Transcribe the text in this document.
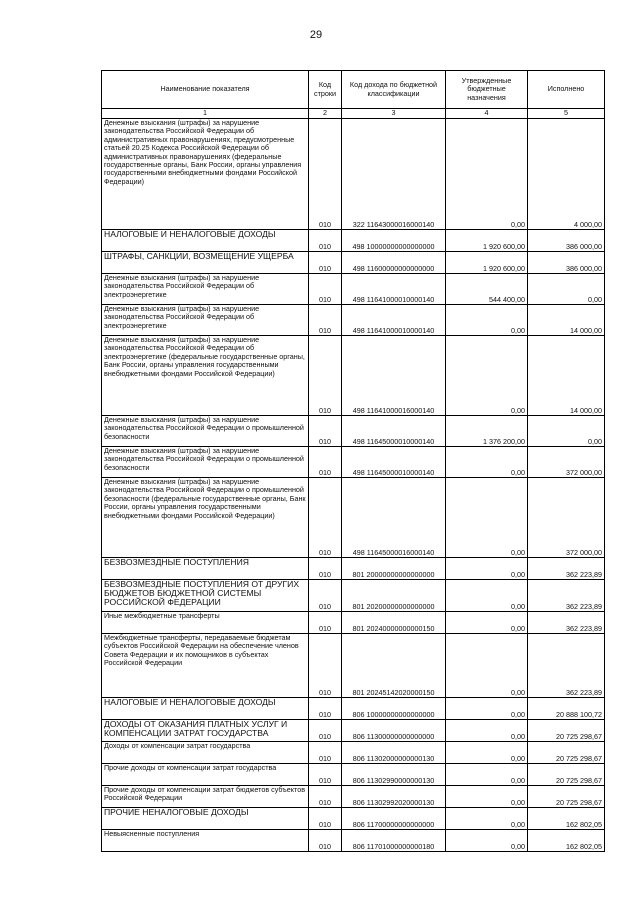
29
Наименование показателя	Код строки	Код дохода по бюджетной классификации	Утвержденные бюджетные назначения	Исполнено
1	2	3	4	5
Денежные взыскания (штрафы) за нарушение законодательства Российской Федерации об административных правонарушениях, предусмотренные статьей 20.25 Кодекса Российской Федерации об административных правонарушениях (федеральные государственные органы, Банк России, органы управления государственными внебюджетными фондами Российской Федерации)	010	322 11643000016000140	0,00	4 000,00
НАЛОГОВЫЕ И НЕНАЛОГОВЫЕ ДОХОДЫ	010	498 10000000000000000	1 920 600,00	386 000,00
ШТРАФЫ, САНКЦИИ, ВОЗМЕЩЕНИЕ УЩЕРБА	010	498 11600000000000000	1 920 600,00	386 000,00
Денежные взыскания (штрафы) за нарушение законодательства Российской Федерации об электроэнергетике	010	498 11641000010000140	544 400,00	0,00
Денежные взыскания (штрафы) за нарушение законодательства Российской Федерации об электроэнергетике	010	498 11641000010000140	0,00	14 000,00
Денежные взыскания (штрафы) за нарушение законодательства Российской Федерации об электроэнергетике (федеральные государственные органы, Банк России, органы управления государственными внебюджетными фондами Российской Федерации)	010	498 11641000016000140	0,00	14 000,00
Денежные взыскания (штрафы) за нарушение законодательства Российской Федерации о промышленной безопасности	010	498 11645000010000140	1 376 200,00	0,00
Денежные взыскания (штрафы) за нарушение законодательства Российской Федерации о промышленной безопасности	010	498 11645000010000140	0,00	372 000,00
Денежные взыскания (штрафы) за нарушение законодательства Российской Федерации о промышленной безопасности (федеральные государственные органы, Банк России, органы управления государственными внебюджетными фондами Российской Федерации)	010	498 11645000016000140	0,00	372 000,00
БЕЗВОЗМЕЗДНЫЕ ПОСТУПЛЕНИЯ	010	801 20000000000000000	0,00	362 223,89
БЕЗВОЗМЕЗДНЫЕ ПОСТУПЛЕНИЯ ОТ ДРУГИХ БЮДЖЕТОВ БЮДЖЕТНОЙ СИСТЕМЫ РОССИЙСКОЙ ФЕДЕРАЦИИ	010	801 20200000000000000	0,00	362 223,89
Иные межбюджетные трансферты	010	801 20240000000000150	0,00	362 223,89
Межбюджетные трансферты, передаваемые бюджетам субъектов Российской Федерации на обеспечение членов Совета Федерации и их помощников в субъектах Российской Федерации	010	801 20245142020000150	0,00	362 223,89
НАЛОГОВЫЕ И НЕНАЛОГОВЫЕ ДОХОДЫ	010	806 10000000000000000	0,00	20 888 100,72
ДОХОДЫ ОТ ОКАЗАНИЯ ПЛАТНЫХ УСЛУГ И КОМПЕНСАЦИИ ЗАТРАТ ГОСУДАРСТВА	010	806 11300000000000000	0,00	20 725 298,67
Доходы от компенсации затрат государства	010	806 11302000000000130	0,00	20 725 298,67
Прочие доходы от компенсации затрат государства	010	806 11302990000000130	0,00	20 725 298,67
Прочие доходы от компенсации затрат бюджетов субъектов Российской Федерации	010	806 11302992020000130	0,00	20 725 298,67
ПРОЧИЕ НЕНАЛОГОВЫЕ ДОХОДЫ	010	806 11700000000000000	0,00	162 802,05
Невыясненные поступления	010	806 11701000000000180	0,00	162 802,05
